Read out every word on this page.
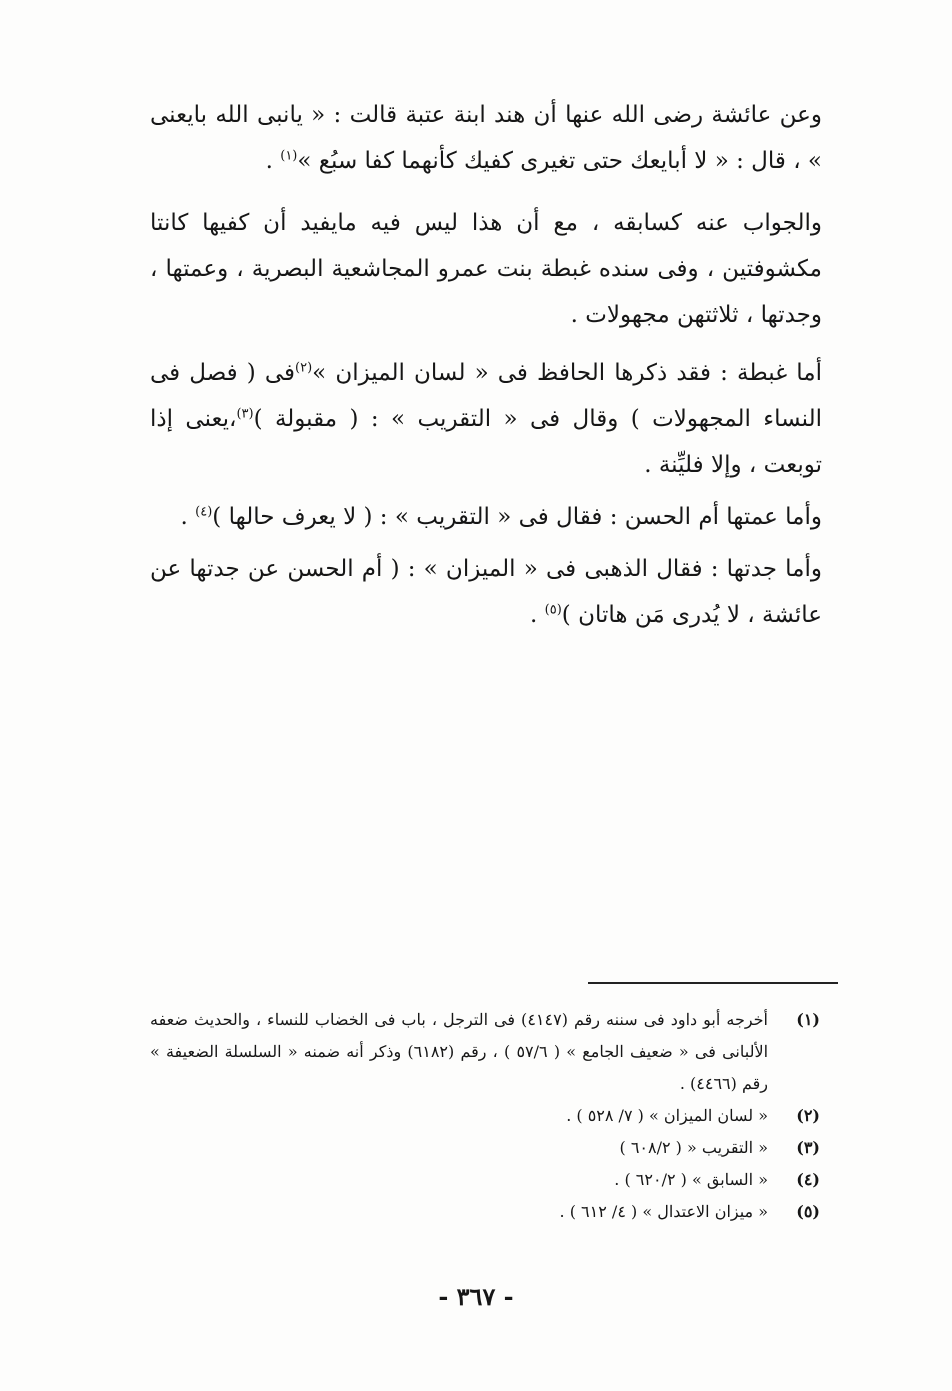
وعن عائشة رضى الله عنها أن هند ابنة عتبة قالت : « يانبى الله بايعنى » ، قال : « لا أبايعك حتى تغيرى كفيك كأنهما كفا سبُع »$^{(١)}$ .

والجواب عنه كسابقه ، مع أن هذا ليس فيه مايفيد أن كفيها كانتا مكشوفتين ، وفى سنده غبطة بنت عمرو المجاشعية البصرية ، وعمتها ، وجدتها ، ثلاثتهن مجهولات .

أما غبطة : فقد ذكرها الحافظ فى « لسان الميزان »$^{(٢)}$فى ( فصل فى النساء المجهولات ) وقال فى « التقريب » : ( مقبولة )$^{(٣)}$،يعنى إذا توبعت ، وإلا فليِّنة .

وأما عمتها أم الحسن : فقال فى « التقريب » : ( لا يعرف حالها )$^{(٤)}$ .

وأما جدتها : فقال الذهبى فى « الميزان » : ( أم الحسن عن جدتها عن عائشة ، لا يُدرى مَن هاتان )$^{(٥)}$ .

(١)
أخرجه أبو داود فى سننه رقم (٤١٤٧) فى الترجل ، باب فى الخضاب للنساء ، والحديث ضعفه الألبانى فى « ضعيف الجامع » ( ٥٧/٦ ) ، رقم (٦١٨٢) وذكر أنه ضمنه « السلسلة الضعيفة » رقم (٤٤٦٦) .
(٢)
« لسان الميزان » ( ٧/ ٥٢٨ ) .
(٣)
« التقريب « ( ٦٠٨/٢ )
(٤)
« السابق » ( ٦٢٠/٢ ) .
(٥)
« ميزان الاعتدال » ( ٤/ ٦١٢ ) .
- ٣٦٧ -
